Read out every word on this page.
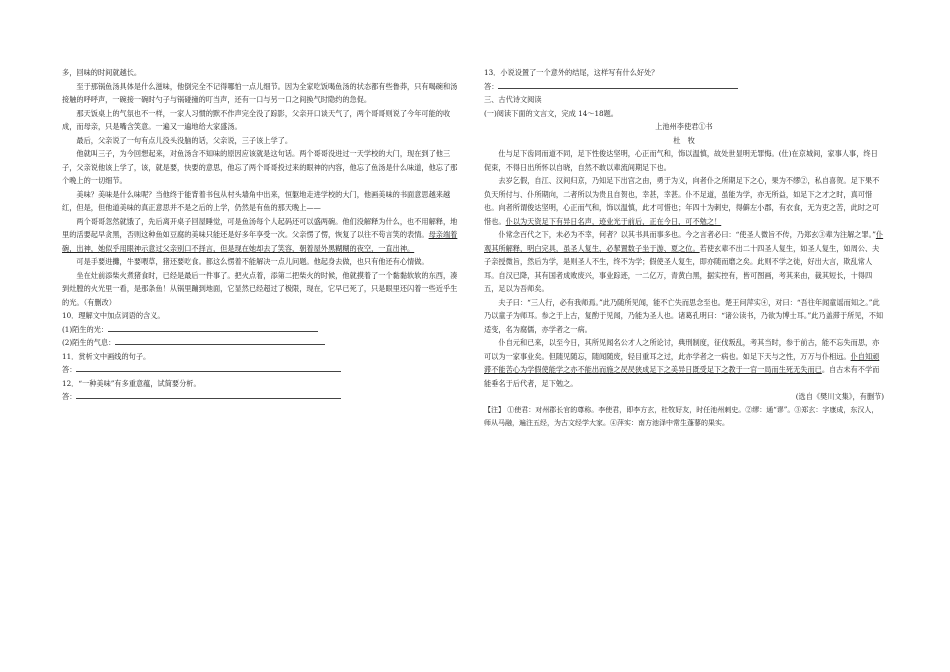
多，回味的时间就越长。

至于那锅鱼汤具体是什么滋味，他倒完全不记得哪怕一点儿细节。因为全家吃饭喝鱼汤的状态都有些鲁莽，只有喝碗和汤接触的呼呼声，一碗接一碗时勺子与锅碰撞的叮当声，还有一口与另一口之间换气时隐约的急促。

那天饭桌上的气氛也不一样，一家人习惯的默不作声完全没了踪影，父亲开口谈天气了，两个哥哥则说了今年可能的收成，而母亲，只是嘴含笑意。一遍又一遍地给大家盛汤。

最后，父亲说了一句有点儿没头没脑的话，父亲说，三子该上学了。

他就叫三子，为今回想起来，对鱼汤含不知味的原因应该就是这句话。两个哥哥没进过一天学校的大门，现在到了他三子，父亲说他该上学了，该，就是要，快要的意思，他忘了两个哥哥投过来的眼神的内容，他忘了鱼汤是什么味道，他忘了那个晚上的一切细节。

美味？美味是什么味呢？当他终于能背着书包从村头墙角中出来，恒躯地走进学校的大门，他画美味的书面意思越来越红，但是，但他道美味的真正意思并不是之后的上学，仍然是有鱼的那天晚上——

两个哥哥忽然就饿了，先后离开桌子回屋睡觉，可是鱼汤每个人起码还可以盛两碗。他们没解释为什么，也不用解释，地里的活要起早贪黑，否则这种鱼如豆腐的美味只能还是好多年享受一次。父亲愣了愣，恢复了以往不苟言笑的表情。母亲端着碗，出神，她似乎用眼神示意过父亲别口不择言，但是现在她却去了笑容，朝着屋外黑糊糊的夜空，一直出神。

可是手要进攤，牛要喂草，猪还要吃食。都这么愣着不能解决一点儿问题。他起身去做，也只有他还有心情做。

坐在灶前添柴火煮猪食时，已经是最后一件事了。把火点着，添第二把柴火的时候，他就摸着了一个黏黏软软的东西，凑到灶膛的火光里一看，是那条鱼！从锅里蹦到地面，它显然已经超过了极限，现在，它早已死了，只是眼里还闪着一些近乎生的光。（有删改）

10．理解文中加点词语的含义。

(1)陌生的光：

(2)陌生的气息：

11．赏析文中画线的句子。

答：

12．“一种美味”有多重意蕴，试简要分析。

答：

13．小说设置了一个意外的结尾，这样写有什么好处？

答：

三、古代诗文阅读

(一)阅读下面的文言文，完成 14～18题。

上池州李使君①书

杜　牧

仕与足下齿同而道不同，足下性俊达坚明，心正而气和，饰以温慎，故处世显明无罪悔。(仕)在京城间，家事人事，终日促束，不得日出所怀以自晓，自然不敢以辈流间期足下也。

去岁乞假，自江、汉间归京，乃知足下出宫之由，勇于为义，向者仆之所期足下之心，果为不缪②，私自喜贺。足下果不负天所付与、仆所期向，二者所以为贵且自贺也，幸甚，幸甚。仆不足道，虽能为学，亦无所益，如足下之才之时，真可惜也。向者所谓俊达坚明，心正而气和，饰以温慎，此才可惜也；年四十为刺史，得僻左小郡，有衣食，无为吏之苦，此时之可惜也。仆以为天资足下有异日名声，迹业光于前后，正在今日，可不勉之！

仆常念百代之下，未必为不幸，何者？以其书具而事多也。今之言者必曰：“使圣人微旨不传，乃郑玄③辈为注解之罪。”仆观其所解释，明白完具，虽圣人复生，必挈置数子坐于游、夏之位。若使玄辈不出二十四圣人复生，如圣人复生，如周公、夫子亲授微旨，然后为学，是则圣人不生，终不为学；假使圣人复生，即亦随而磨之矣。此则不学之徒，好出大言，欺乱常人耳。自汉已降，其有国者成败废兴，事业踪迹，一二亿万，青黄白黑，据实控有，皆可图画，考其来由，裁其短长，十得四五，足以为吾师矣。

夫子曰：“三人行，必有我师焉。”此乃随所见闻，能不亡失而思念至也。楚王问萍实④，对曰：“吾往年闻童谣而知之。”此乃以童子为师耳。参之于上古，复酌于见闻，乃能为圣人也。诸葛孔明曰：“诸公读书，乃欲为博士耳。”此乃盖滞于所见，不知适变，名为腐儒，亦学者之一病。

仆自元和已来，以至今日，其所见闻名公才人之所论讨，典刑制度，征伐叛乱，考其当时，参于前古，能不忘失而思，亦可以为一家事业矣。但随见随忘，随闻随废，轻目重耳之过，此亦学者之一病也。如足下天与之性，万万与仆相远。仆自知顽滞不能苦心为学假使能学之亦不能出而施之昃昃狭成足下之美异日既受足下之教于一官一局而生死无失而已。自古未有不学而能垂名于后代者，足下勉之。

(选自《樊川文集》，有删节)

【注】 ①使君：对州郡长官的尊称。李使君，即李方玄，杜牧好友，时任池州刺史。②缪：通“谬”。③郑玄：字康成，东汉人，师从马融，遍注五经，为古文经学大家。④萍实：南方池泽中常生蓬蓼的果实。
